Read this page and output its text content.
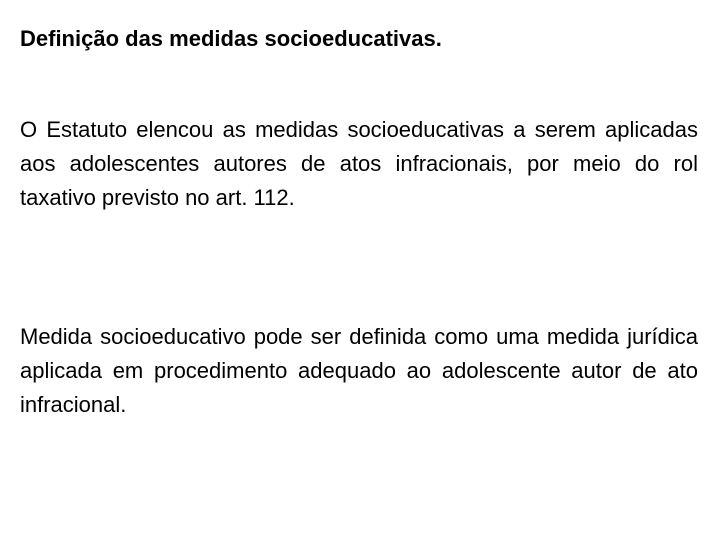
Definição das medidas socioeducativas.
O Estatuto elencou as medidas socioeducativas a serem aplicadas aos adolescentes autores de atos infracionais, por meio do rol taxativo previsto no art. 112.
Medida socioeducativo pode ser definida como uma medida jurídica aplicada em procedimento adequado ao adolescente autor de ato infracional.
